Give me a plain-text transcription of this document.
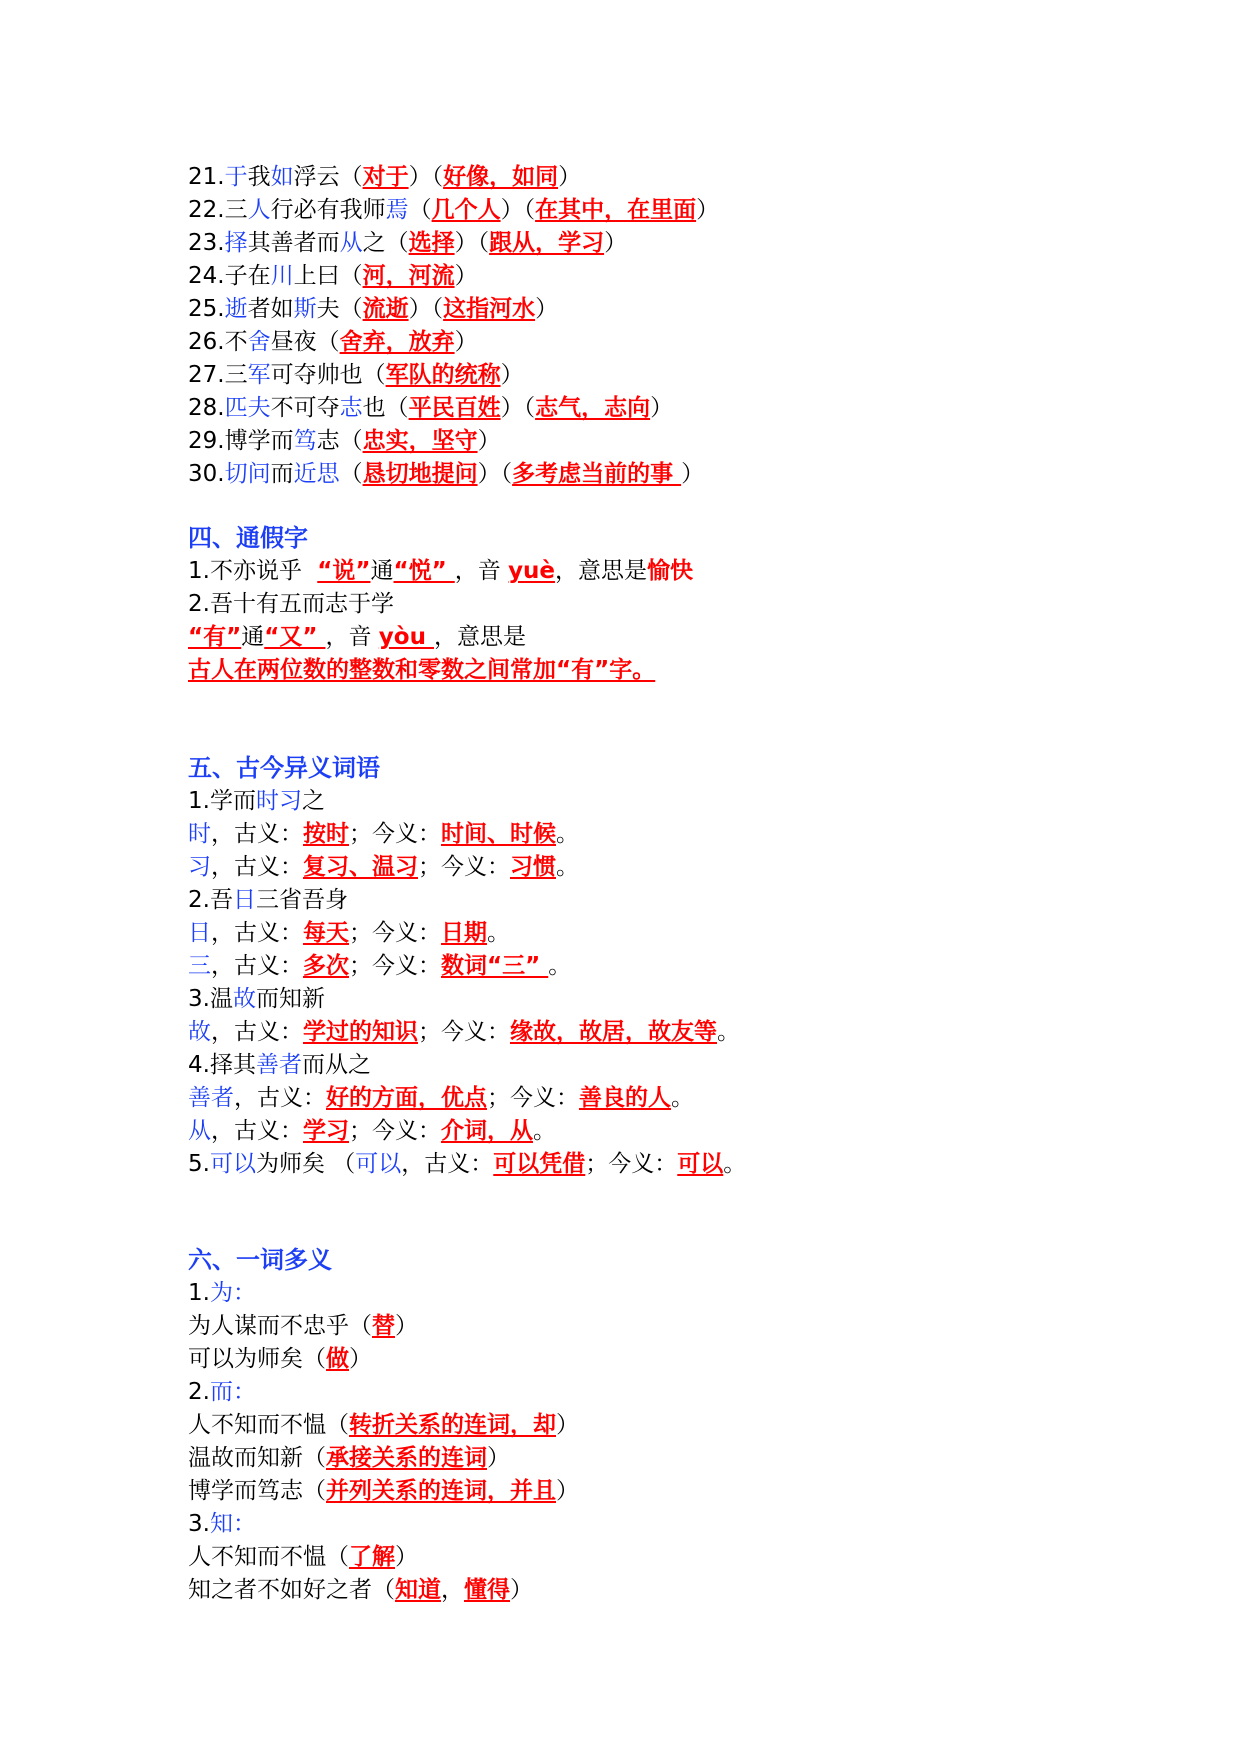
21.于我如浮云（对于）（好像，如同）
22.三人行必有我师焉（几个人）（在其中，在里面）
23.择其善者而从之（选择）（跟从，学习）
24.子在川上曰（河，河流）
25.逝者如斯夫（流逝）（这指河水）
26.不舍昼夜（舍弃，放弃）
27.三军可夺帅也（军队的统称）
28.匹夫不可夺志也（平民百姓）（志气，志向）
29.博学而笃志（忠实，坚守）
30.切问而近思（恳切地提问）（多考虑当前的事 ）
四、通假字
1.不亦说乎 “说”通“悦” ，音 yuè，意思是愉快
2.吾十有五而志于学
“有”通“又” ，音 yòu ，意思是
古人在两位数的整数和零数之间常加“有”字。
五、古今异义词语
1.学而时习之
时，古义：按时；今义：时间、时候。
习，古义：复习、温习；今义：习惯。
2.吾日三省吾身
日，古义：每天；今义：日期。
三，古义：多次；今义：数词“三” 。
3.温故而知新
故，古义：学过的知识；今义：缘故，故居，故友等。
4.择其善者而从之
善者，古义：好的方面，优点；今义：善良的人。
从，古义：学习；今义：介词，从。
5.可以为师矣 （可以，古义：可以凭借；今义：可以。
六、一词多义
1.为：
为人谋而不忠乎（替）
可以为师矣（做）
2.而：
人不知而不愠（转折关系的连词，却）
温故而知新（承接关系的连词）
博学而笃志（并列关系的连词，并且）
3.知：
人不知而不愠（了解）
知之者不如好之者（知道，懂得）
